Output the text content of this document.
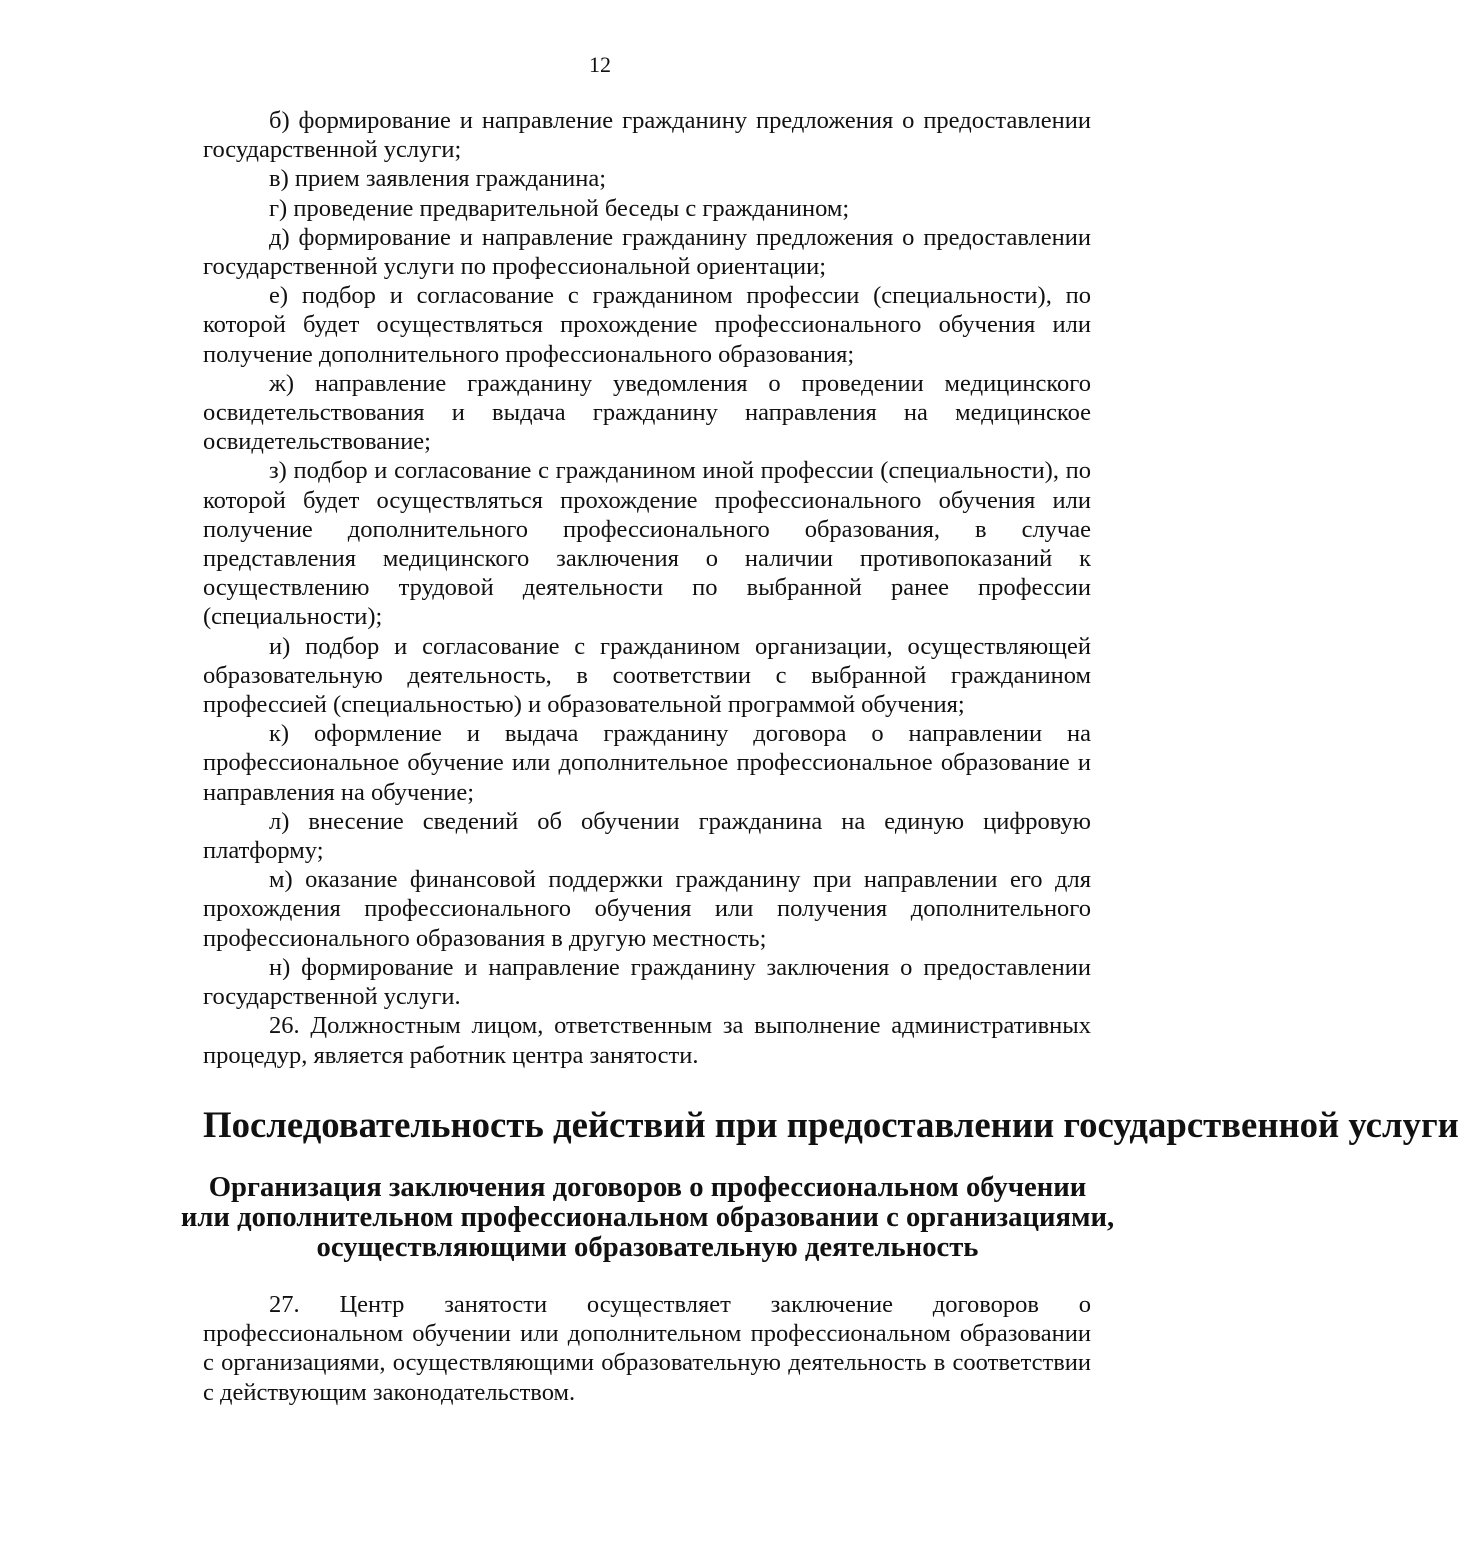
12

б) формирование и направление гражданину предложения о предоставлении государственной услуги;

в) прием заявления гражданина;

г) проведение предварительной беседы с гражданином;

д) формирование и направление гражданину предложения о предоставлении государственной услуги по профессиональной ориентации;

е) подбор и согласование с гражданином профессии (специальности), по которой будет осуществляться прохождение профессионального обучения или получение дополнительного профессионального образования;

ж) направление гражданину уведомления о проведении медицинского освидетельствования и выдача гражданину направления на медицинское освидетельствование;

з) подбор и согласование с гражданином иной профессии (специальности), по которой будет осуществляться прохождение профессионального обучения или получение дополнительного профессионального образования, в случае представления медицинского заключения о наличии противопоказаний к осуществлению трудовой деятельности по выбранной ранее профессии (специальности);

и) подбор и согласование с гражданином организации, осуществляющей образовательную деятельность, в соответствии с выбранной гражданином профессией (специальностью) и образовательной программой обучения;

к) оформление и выдача гражданину договора о направлении на профессиональное обучение или дополнительное профессиональное образование и направления на обучение;

л) внесение сведений об обучении гражданина на единую цифровую платформу;

м) оказание финансовой поддержки гражданину при направлении его для прохождения профессионального обучения или получения дополнительного профессионального образования в другую местность;

н) формирование и направление гражданину заключения о предоставлении государственной услуги.

26. Должностным лицом, ответственным за выполнение административных процедур, является работник центра занятости.

Последовательность действий при предоставлении государственной услуги
Организация заключения договоров о профессиональном обучении
или дополнительном профессиональном образовании с организациями,
осуществляющими образовательную деятельность

27. Центр занятости осуществляет заключение договоров о профессиональном обучении или дополнительном профессиональном образовании с организациями, осуществляющими образовательную деятельность в соответствии с действующим законодательством.
